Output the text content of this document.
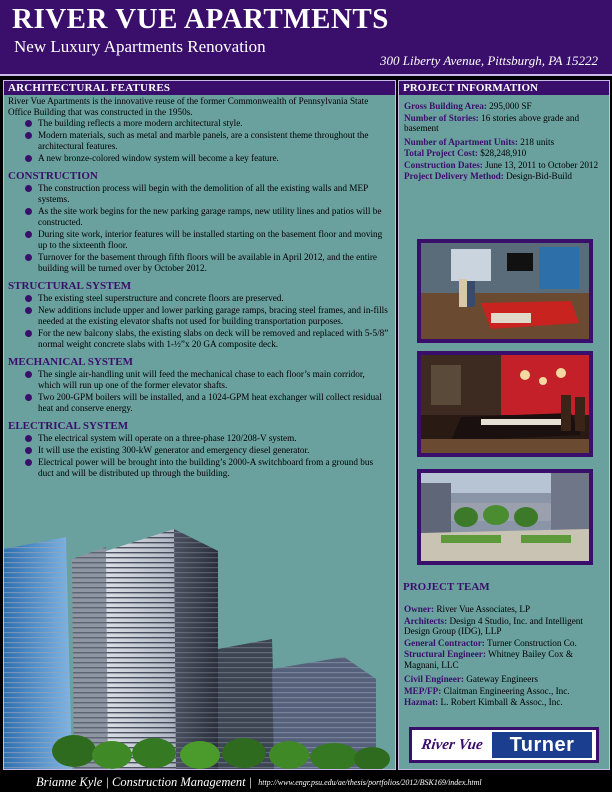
RIVER VUE APARTMENTS
New Luxury Apartments Renovation
300 Liberty Avenue, Pittsburgh, PA 15222
ARCHITECTURAL FEATURES
River Vue Apartments is the innovative reuse of the former Commonwealth of Pennsylvania State Office Building that was constructed in the 1950s.
The building reflects a more modern architectural style.
Modern materials, such as metal and marble panels, are a consistent theme throughout the architectural features.
A new bronze-colored window system will become a key feature.
CONSTRUCTION
The construction process will begin with the demolition of all the existing walls and MEP systems.
As the site work begins for the new parking garage ramps, new utility lines and patios will be constructed.
During site work, interior features will be installed starting on the basement floor and moving up to the sixteenth floor.
Turnover for the basement through fifth floors will be available in April 2012, and the entire building will be turned over by October 2012.
STRUCTURAL SYSTEM
The existing steel superstructure and concrete floors are preserved.
New additions include upper and lower parking garage ramps, bracing steel frames, and in-fills needed at the existing elevator shafts not used for building transportation purposes.
For the new balcony slabs, the existing slabs on deck will be removed and replaced with 5-5/8” normal weight concrete slabs with 1-½”x 20 GA composite deck.
MECHANICAL SYSTEM
The single air-handling unit will feed the mechanical chase to each floor’s main corridor, which will run up one of the former elevator shafts.
Two 200-GPM boilers will be installed, and a 1024-GPM heat exchanger will collect residual heat and conserve energy.
ELECTRICAL SYSTEM
The electrical system will operate on a three-phase 120/208-V system.
It will use the existing 300-kW generator and emergency diesel generator.
Electrical power will be brought into the building’s 2000-A switchboard from a ground bus duct and will be distributed up through the building.
PROJECT INFORMATION
Gross Building Area: 295,000 SF
Number of Stories: 16 stories above grade and basement
Number of Apartment Units: 218 units
Total Project Cost: $28,248,910
Construction Dates: June 13, 2011 to October 2012
Project Delivery Method: Design-Bid-Build
PROJECT TEAM
Owner: River Vue Associates, LP
Architects: Design 4 Studio, Inc. and Intelligent Design Group (IDG), LLP
General Contractor: Turner Construction Co.
Structural Engineer: Whitney Bailey Cox & Magnani, LLC
Civil Engineer: Gateway Engineers
MEP/FP: Claitman Engineering Assoc., Inc.
Hazmat: L. Robert Kimball & Assoc., Inc.
River Vue	Turner
Brianne Kyle | Construction Management | http://www.engr.psu.edu/ae/thesis/portfolios/2012/BSK169/index.html
